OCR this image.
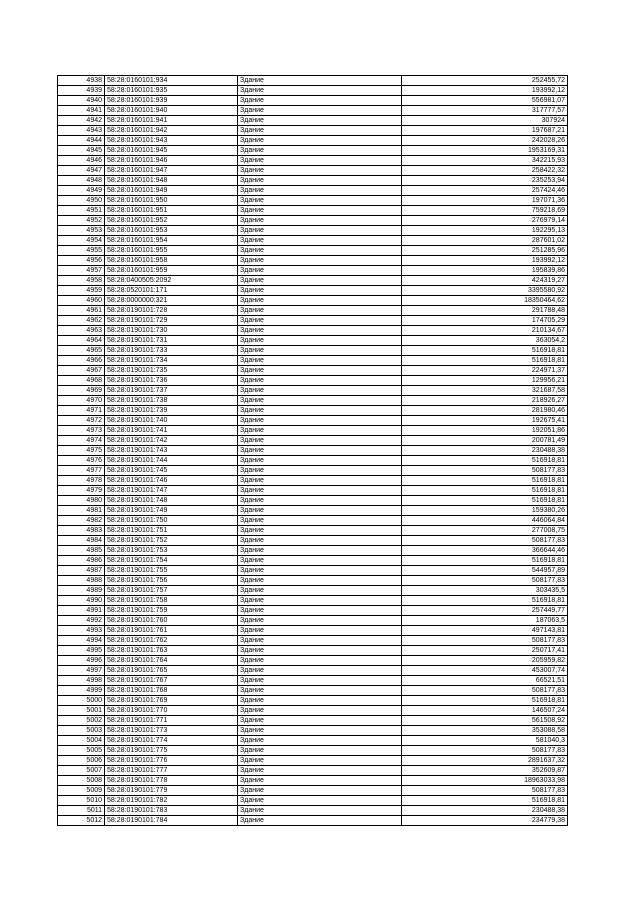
4938	58:28:0160101:934	Здание	252455,72
4939	58:28:0160101:935	Здание	193992,12
4940	58:28:0160101:939	Здание	556981,07
4941	58:28:0160101:940	Здание	317777,57
4942	58:28:0160101:941	Здание	307924
4943	58:28:0160101:942	Здание	197687,21
4944	58:28:0160101:943	Здание	242028,26
4945	58:28:0160101:945	Здание	1953169,31
4946	58:28:0160101:946	Здание	342215,93
4947	58:28:0160101:947	Здание	258422,32
4948	58:28:0160101:948	Здание	235253,94
4949	58:28:0160101:949	Здание	257424,46
4950	58:28:0160101:950	Здание	197071,36
4951	58:28:0160101:951	Здание	759218,69
4952	58:28:0160101:952	Здание	276979,14
4953	58:28:0160101:953	Здание	192295,13
4954	58:28:0160101:954	Здание	287601,02
4955	58:28:0160101:955	Здание	251285,96
4956	58:28:0160101:958	Здание	193992,12
4957	58:28:0160101:959	Здание	195839,86
4958	58:28:0400505:2092	Здание	424319,27
4959	58:28:0520101:171	Здание	3395580,92
4960	58:28:0000000:321	Здание	18350464,62
4961	58:28:0190101:728	Здание	291788,48
4962	58:28:0190101:729	Здание	174705,29
4963	58:28:0190101:730	Здание	210134,67
4964	58:28:0190101:731	Здание	363054,2
4965	58:28:0190101:733	Здание	516918,81
4966	58:28:0190101:734	Здание	516918,81
4967	58:28:0190101:735	Здание	224971,37
4968	58:28:0190101:736	Здание	129956,21
4969	58:28:0190101:737	Здание	321687,58
4970	58:28:0190101:738	Здание	218926,27
4971	58:28:0190101:739	Здание	281980,46
4972	58:28:0190101:740	Здание	192675,41
4973	58:28:0190101:741	Здание	192051,86
4974	58:28:0190101:742	Здание	200781,49
4975	58:28:0190101:743	Здание	230488,38
4976	58:28:0190101:744	Здание	516918,81
4977	58:28:0190101:745	Здание	508177,83
4978	58:28:0190101:746	Здание	516918,81
4979	58:28:0190101:747	Здание	516918,81
4980	58:28:0190101:748	Здание	516918,81
4981	58:28:0190101:749	Здание	159380,26
4982	58:28:0190101:750	Здание	446064,84
4983	58:28:0190101:751	Здание	277008,75
4984	58:28:0190101:752	Здание	508177,83
4985	58:28:0190101:753	Здание	366644,46
4986	58:28:0190101:754	Здание	516918,81
4987	58:28:0190101:755	Здание	544957,89
4988	58:28:0190101:756	Здание	508177,83
4989	58:28:0190101:757	Здание	303435,5
4990	58:28:0190101:758	Здание	516918,81
4991	58:28:0190101:759	Здание	257449,77
4992	58:28:0190101:760	Здание	187063,5
4993	58:28:0190101:761	Здание	497143,81
4994	58:28:0190101:762	Здание	508177,83
4995	58:28:0190101:763	Здание	250717,41
4996	58:28:0190101:764	Здание	205959,82
4997	58:28:0190101:765	Здание	453007,74
4998	58:28:0190101:767	Здание	66521,51
4999	58:28:0190101:768	Здание	508177,83
5000	58:28:0190101:769	Здание	516918,81
5001	58:28:0190101:770	Здание	146507,24
5002	58:28:0190101:771	Здание	561508,92
5003	58:28:0190101:773	Здание	353088,58
5004	58:28:0190101:774	Здание	581040,3
5005	58:28:0190101:775	Здание	508177,83
5006	58:28:0190101:776	Здание	2891637,32
5007	58:28:0190101:777	Здание	352609,87
5008	58:28:0190101:778	Здание	18963033,98
5009	58:28:0190101:779	Здание	508177,83
5010	58:28:0190101:782	Здание	516918,81
5011	58:28:0190101:783	Здание	230488,38
5012	58:28:0190101:784	Здание	234779,38
